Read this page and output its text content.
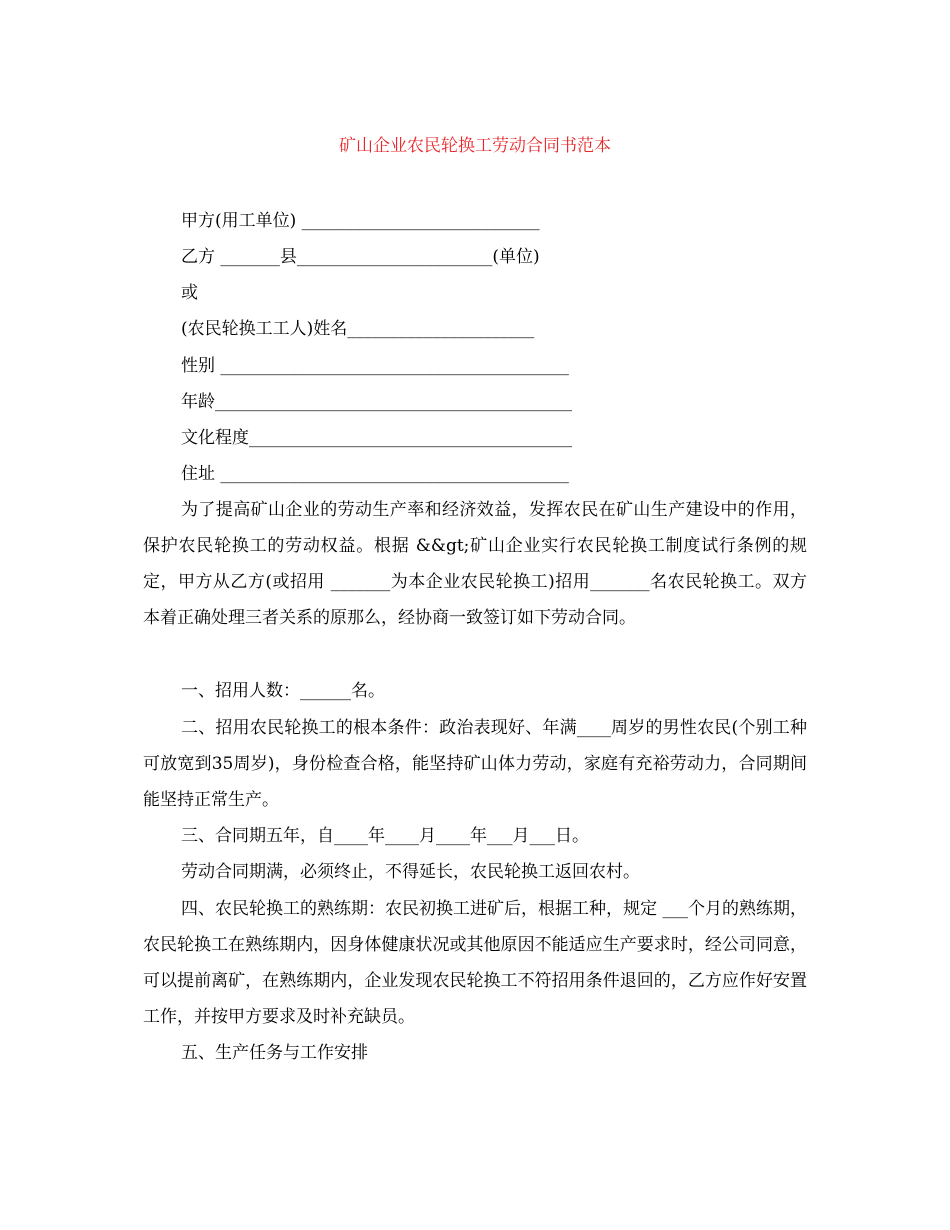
矿山企业农民轮换工劳动合同书范本
甲方(用工单位) ____________________________
乙方 _______县_______________________(单位)
或
(农民轮换工工人)姓名______________________
性别 _________________________________________
年龄__________________________________________
文化程度______________________________________
住址 _________________________________________
为了提高矿山企业的劳动生产率和经济效益，发挥农民在矿山生产建设中的作用，保护农民轮换工的劳动权益。根据 &&gt;矿山企业实行农民轮换工制度试行条例的规定，甲方从乙方(或招用 _______为本企业农民轮换工)招用_______名农民轮换工。双方本着正确处理三者关系的原那么，经协商一致签订如下劳动合同。
一、招用人数：______名。
二、招用农民轮换工的根本条件：政治表现好、年满____周岁的男性农民(个别工种可放宽到35周岁)，身份检查合格，能坚持矿山体力劳动，家庭有充裕劳动力，合同期间能坚持正常生产。
三、合同期五年，自____年____月____年___月___日。
劳动合同期满，必须终止，不得延长，农民轮换工返回农村。
四、农民轮换工的熟练期：农民初换工进矿后，根据工种，规定 ___个月的熟练期，农民轮换工在熟练期内，因身体健康状况或其他原因不能适应生产要求时，经公司同意，可以提前离矿，在熟练期内，企业发现农民轮换工不符招用条件退回的，乙方应作好安置工作，并按甲方要求及时补充缺员。
五、生产任务与工作安排
